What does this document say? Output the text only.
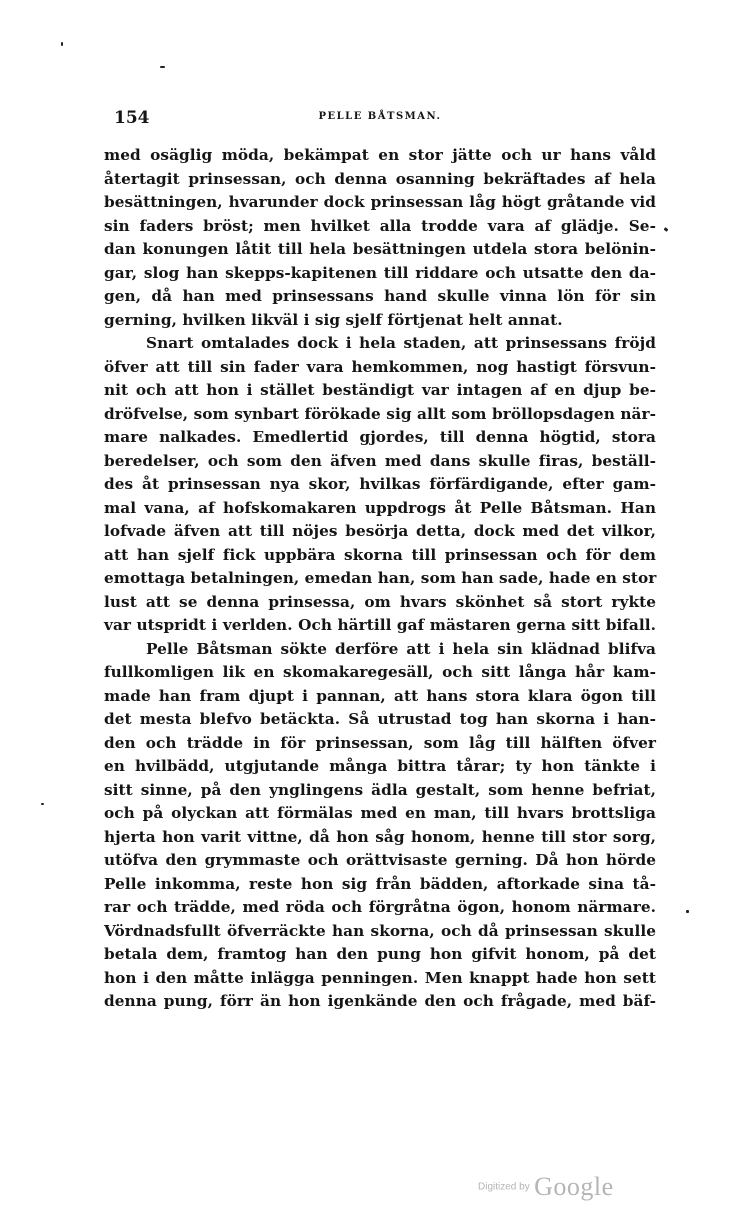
154	PELLE BÅTSMAN.
med osäglig möda, bekämpat en stor jätte och ur hans våld
återtagit prinsessan, och denna osanning bekräftades af hela
besättningen, hvarunder dock prinsessan låg högt gråtande vid
sin faders bröst; men hvilket alla trodde vara af glädje. Se-
dan konungen låtit till hela besättningen utdela stora belönin-
gar, slog han skepps-kapitenen till riddare och utsatte den da-
gen, då han med prinsessans hand skulle vinna lön för sin
gerning, hvilken likväl i sig sjelf förtjenat helt annat.
Snart omtalades dock i hela staden, att prinsessans fröjd
öfver att till sin fader vara hemkommen, nog hastigt försvun-
nit och att hon i stället beständigt var intagen af en djup be-
dröfvelse, som synbart förökade sig allt som bröllopsdagen när-
mare nalkades. Emedlertid gjordes, till denna högtid, stora
beredelser, och som den äfven med dans skulle firas, beställ-
des åt prinsessan nya skor, hvilkas förfärdigande, efter gam-
mal vana, af hofskomakaren uppdrogs åt Pelle Båtsman. Han
lofvade äfven att till nöjes besörja detta, dock med det vilkor,
att han sjelf fick uppbära skorna till prinsessan och för dem
emottaga betalningen, emedan han, som han sade, hade en stor
lust att se denna prinsessa, om hvars skönhet så stort rykte
var utspridt i verlden. Och härtill gaf mästaren gerna sitt bifall.
Pelle Båtsman sökte derföre att i hela sin klädnad blifva
fullkomligen lik en skomakaregesäll, och sitt långa hår kam-
made han fram djupt i pannan, att hans stora klara ögon till
det mesta blefvo betäckta. Så utrustad tog han skorna i han-
den och trädde in för prinsessan, som låg till hälften öfver
en hvilbädd, utgjutande många bittra tårar; ty hon tänkte i
sitt sinne, på den ynglingens ädla gestalt, som henne befriat,
och på olyckan att förmälas med en man, till hvars brottsliga
hjerta hon varit vittne, då hon såg honom, henne till stor sorg,
utöfva den grymmaste och orättvisaste gerning. Då hon hörde
Pelle inkomma, reste hon sig från bädden, aftorkade sina tå-
rar och trädde, med röda och förgråtna ögon, honom närmare.
Vördnadsfullt öfverräckte han skorna, och då prinsessan skulle
betala dem, framtog han den pung hon gifvit honom, på det
hon i den måtte inlägga penningen. Men knappt hade hon sett
denna pung, förr än hon igenkände den och frågade, med bäf-
Digitized by Google
